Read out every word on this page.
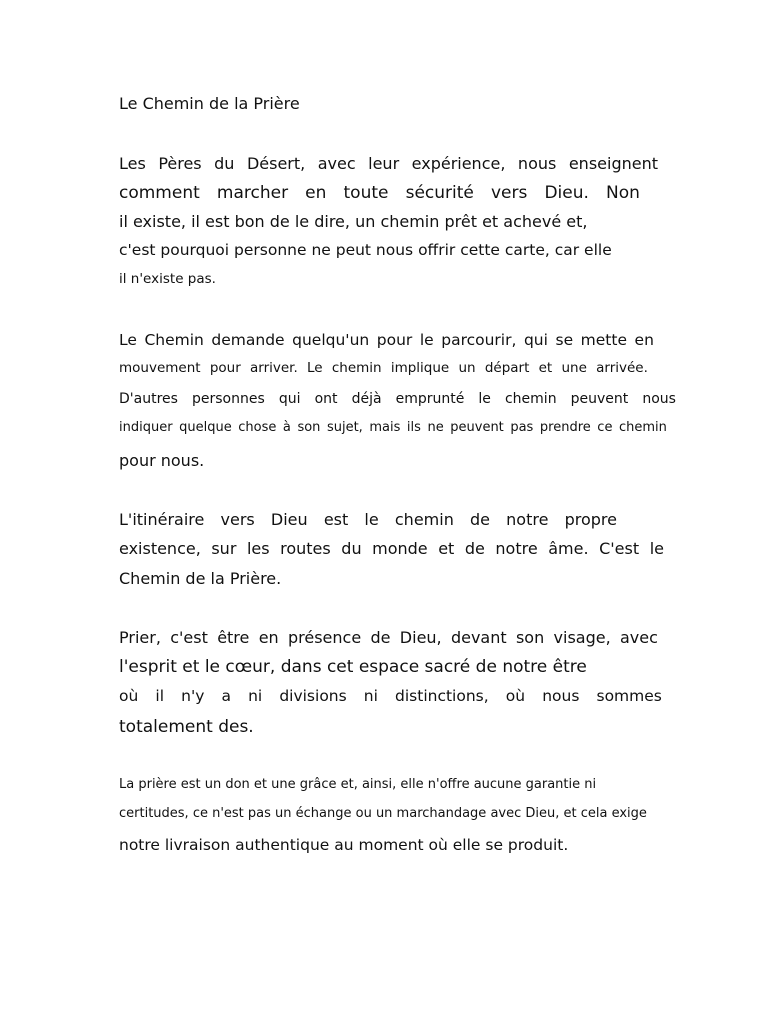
Le Chemin de la Prière
Les Pères du Désert, avec leur expérience, nous enseignent
comment marcher en toute sécurité vers Dieu. Non
il existe, il est bon de le dire, un chemin prêt et achevé et,
c'est pourquoi personne ne peut nous offrir cette carte, car elle
il n'existe pas.
Le Chemin demande quelqu'un pour le parcourir, qui se mette en
mouvement pour arriver. Le chemin implique un départ et une arrivée.
D'autres personnes qui ont déjà emprunté le chemin peuvent nous
indiquer quelque chose à son sujet, mais ils ne peuvent pas prendre ce chemin
pour nous.
L'itinéraire vers Dieu est le chemin de notre propre
existence, sur les routes du monde et de notre âme. C'est le
Chemin de la Prière.
Prier, c'est être en présence de Dieu, devant son visage, avec
l'esprit et le cœur, dans cet espace sacré de notre être
où il n'y a ni divisions ni distinctions, où nous sommes
totalement des.
La prière est un don et une grâce et, ainsi, elle n'offre aucune garantie ni
certitudes, ce n'est pas un échange ou un marchandage avec Dieu, et cela exige
notre livraison authentique au moment où elle se produit.
